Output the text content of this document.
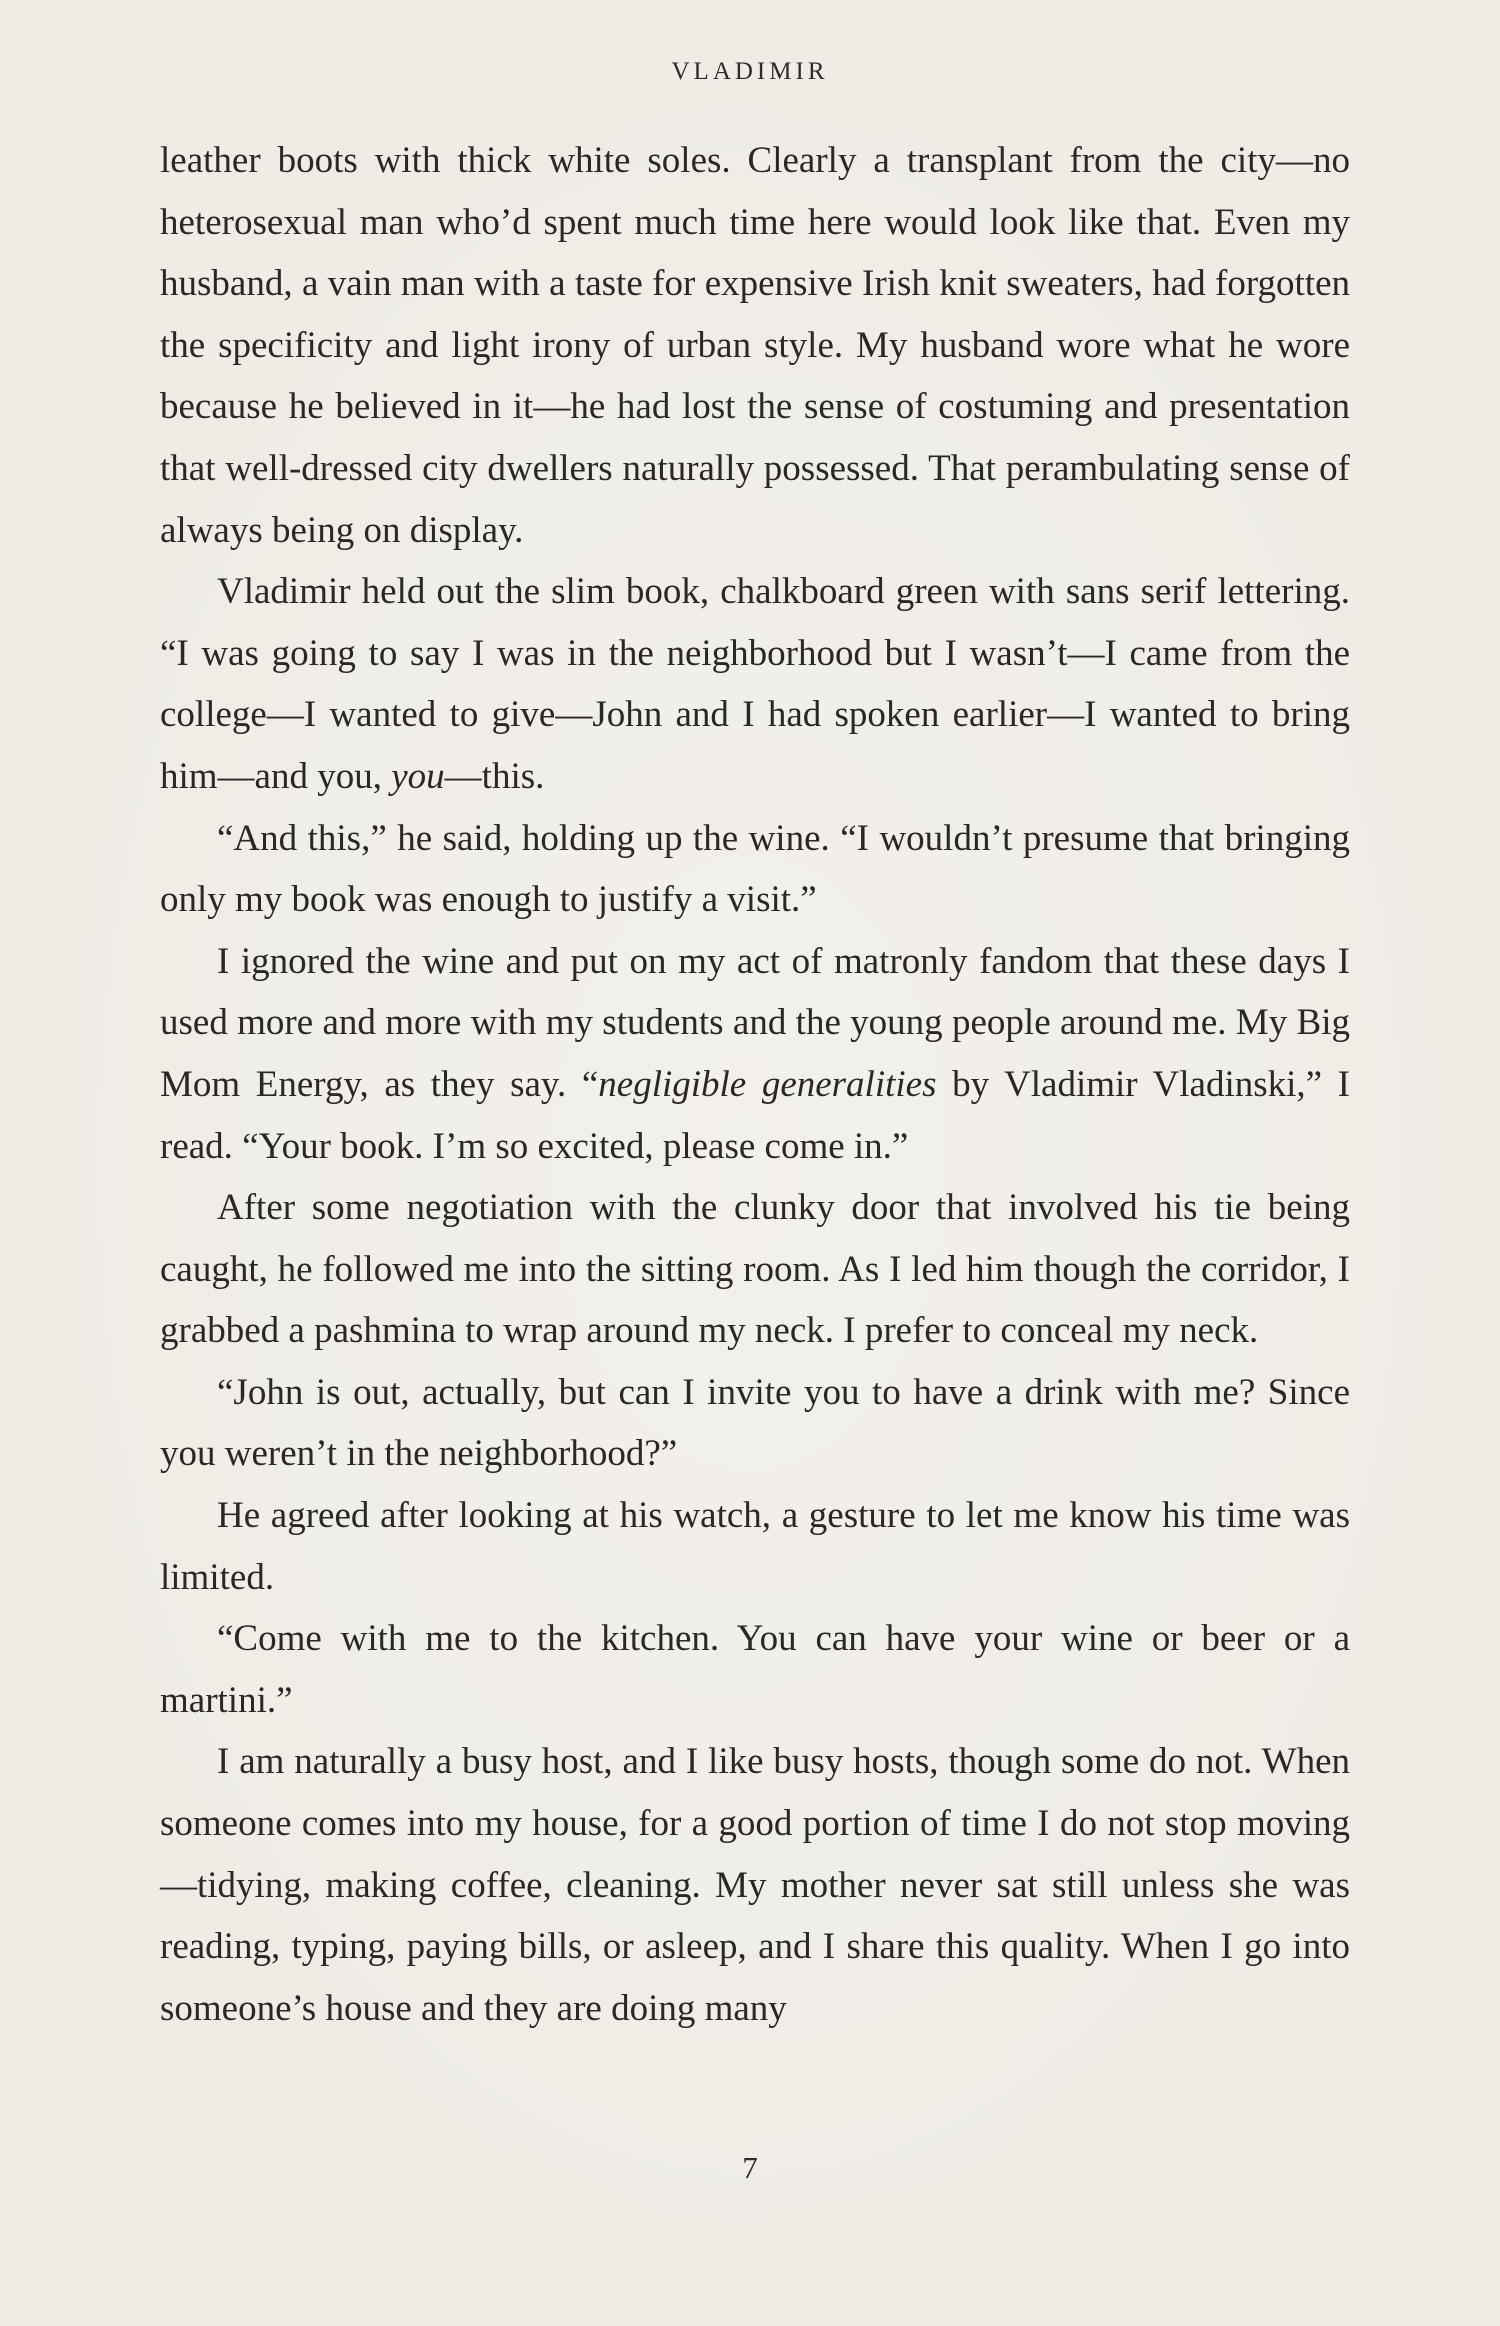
VLADIMIR

leather boots with thick white soles. Clearly a transplant from the city—no heterosexual man who’d spent much time here would look like that. Even my husband, a vain man with a taste for expensive Irish knit sweaters, had forgotten the specificity and light irony of urban style. My husband wore what he wore because he believed in it—he had lost the sense of costuming and presentation that well-dressed city dwellers naturally possessed. That perambulating sense of always being on display.

Vladimir held out the slim book, chalkboard green with sans serif lettering. “I was going to say I was in the neighborhood but I wasn’t—I came from the college—I wanted to give—John and I had spoken earlier—I wanted to bring him—and you, you—this.

“And this,” he said, holding up the wine. “I wouldn’t presume that bringing only my book was enough to justify a visit.”

I ignored the wine and put on my act of matronly fandom that these days I used more and more with my students and the young people around me. My Big Mom Energy, as they say. “negligible generalities by Vladimir Vladinski,” I read. “Your book. I’m so excited, please come in.”

After some negotiation with the clunky door that involved his tie being caught, he followed me into the sitting room. As I led him though the corridor, I grabbed a pashmina to wrap around my neck. I prefer to conceal my neck.

“John is out, actually, but can I invite you to have a drink with me? Since you weren’t in the neighborhood?”

He agreed after looking at his watch, a gesture to let me know his time was limited.

“Come with me to the kitchen. You can have your wine or beer or a martini.”

I am naturally a busy host, and I like busy hosts, though some do not. When someone comes into my house, for a good portion of time I do not stop moving—tidying, making coffee, cleaning. My mother never sat still unless she was reading, typing, paying bills, or asleep, and I share this quality. When I go into someone’s house and they are doing many

7
